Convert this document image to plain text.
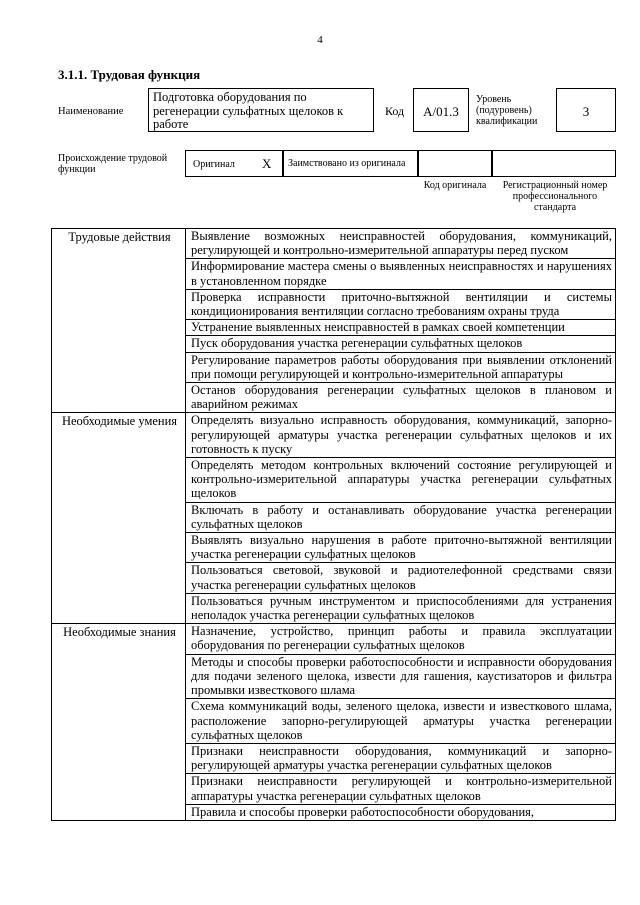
4
3.1.1. Трудовая функция
Наименование
Подготовка оборудования по регенерации сульфатных щелоков к работе
Код	А/01.3
Уровень (подуровень) квалификации
3
Происхождение трудовой функции	Оригинал Х	Заимствовано из оригинала
Код оригинала	Регистрационный номер профессионального стандарта
Трудовые действия	Выявление возможных неисправностей оборудования, коммуникаций, регулирующей и контрольно-измерительной аппаратуры перед пуском
	Информирование мастера смены о выявленных неисправностях и нарушениях в установленном порядке
	Проверка исправности приточно-вытяжной вентиляции и системы кондиционирования вентиляции согласно требованиям охраны труда
	Устранение выявленных неисправностей в рамках своей компетенции
	Пуск оборудования участка регенерации сульфатных щелоков
	Регулирование параметров работы оборудования при выявлении отклонений при помощи регулирующей и контрольно-измерительной аппаратуры
	Останов оборудования регенерации сульфатных щелоков в плановом и аварийном режимах
Необходимые умения	Определять визуально исправность оборудования, коммуникаций, запорно-регулирующей арматуры участка регенерации сульфатных щелоков и их готовность к пуску
	Определять методом контрольных включений состояние регулирующей и контрольно-измерительной аппаратуры участка регенерации сульфатных щелоков
	Включать в работу и останавливать оборудование участка регенерации сульфатных щелоков
	Выявлять визуально нарушения в работе приточно-вытяжной вентиляции участка регенерации сульфатных щелоков
	Пользоваться световой, звуковой и радиотелефонной средствами связи участка регенерации сульфатных щелоков
	Пользоваться ручным инструментом и приспособлениями для устранения неполадок участка регенерации сульфатных щелоков
Необходимые знания	Назначение, устройство, принцип работы и правила эксплуатации оборудования по регенерации сульфатных щелоков
	Методы и способы проверки работоспособности и исправности оборудования для подачи зеленого щелока, извести для гашения, каустизаторов и фильтра промывки известкового шлама
	Схема коммуникаций воды, зеленого щелока, извести и известкового шлама, расположение запорно-регулирующей арматуры участка регенерации сульфатных щелоков
	Признаки неисправности оборудования, коммуникаций и запорно-регулирующей арматуры участка регенерации сульфатных щелоков
	Признаки неисправности регулирующей и контрольно-измерительной аппаратуры участка регенерации сульфатных щелоков
	Правила и способы проверки работоспособности оборудования,
